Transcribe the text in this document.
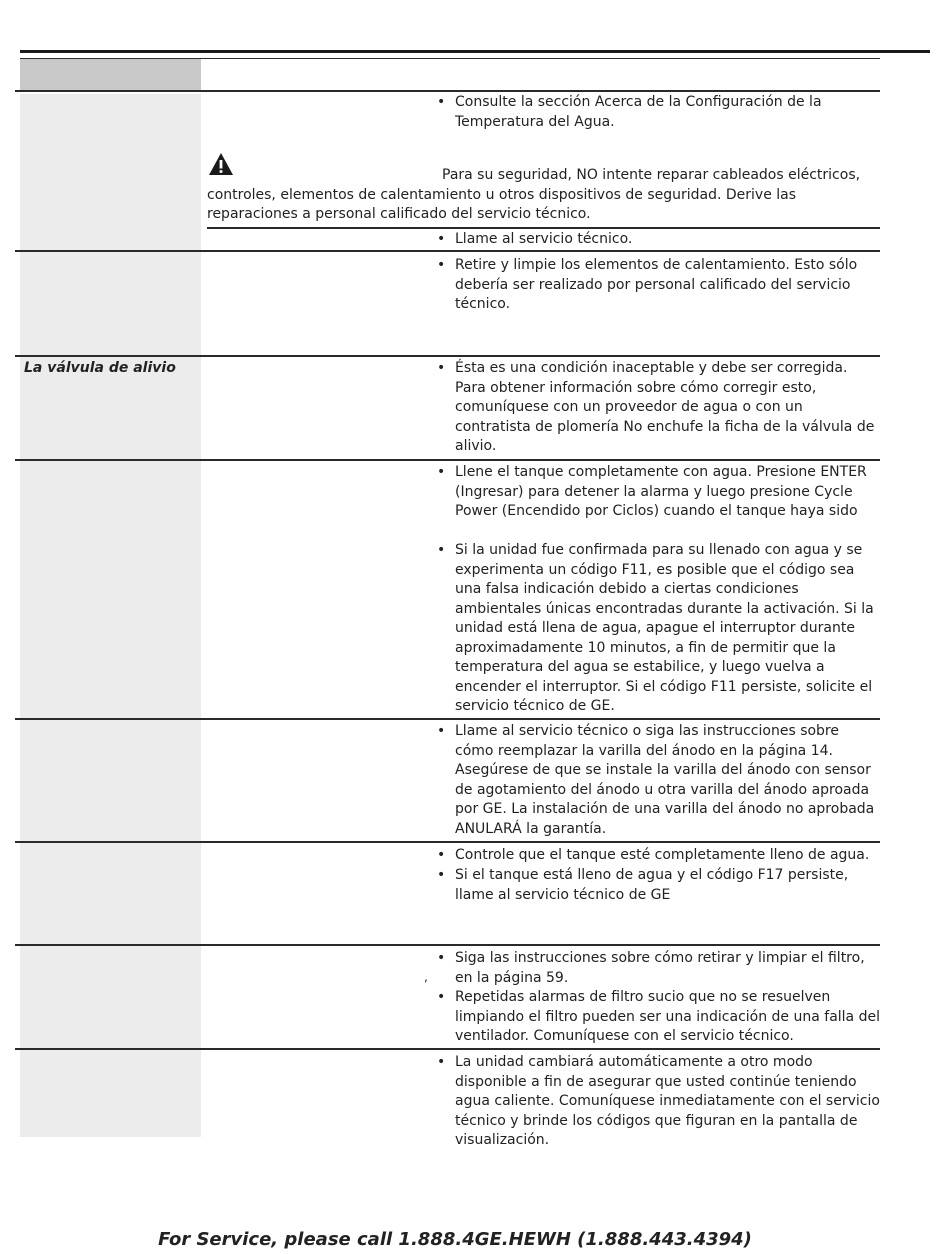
• Consulte la sección Acerca de la Configuración de la Temperatura del Agua.
Para su seguridad, NO intente reparar cableados eléctricos, controles, elementos de calentamiento u otros dispositivos de seguridad. Derive las reparaciones a personal calificado del servicio técnico.
• Llame al servicio técnico.
• Retire y limpie los elementos de calentamiento. Esto sólo debería ser realizado por personal calificado del servicio técnico.
La válvula de alivio	• Ésta es una condición inaceptable y debe ser corregida. Para obtener información sobre cómo corregir esto, comuníquese con un proveedor de agua o con un contratista de plomería No enchufe la ficha de la válvula de alivio.
• Llene el tanque completamente con agua. Presione ENTER (Ingresar) para detener la alarma y luego presione Cycle Power (Encendido por Ciclos) cuando el tanque haya sido
• Si la unidad fue confirmada para su llenado con agua y se experimenta un código F11, es posible que el código sea una falsa indicación debido a ciertas condiciones ambientales únicas encontradas durante la activación. Si la unidad está llena de agua, apague el interruptor durante aproximadamente 10 minutos, a fin de permitir que la temperatura del agua se estabilice, y luego vuelva a encender el interruptor. Si el código F11 persiste, solicite el servicio técnico de GE.
• Llame al servicio técnico o siga las instrucciones sobre cómo reemplazar la varilla del ánodo en la página 14. Asegúrese de que se instale la varilla del ánodo con sensor de agotamiento del ánodo u otra varilla del ánodo aproada por GE. La instalación de una varilla del ánodo no aprobada ANULARÁ la garantía.
• Controle que el tanque esté completamente lleno de agua.
• Si el tanque está lleno de agua y el código F17 persiste, llame al servicio técnico de GE
• Siga las instrucciones sobre cómo retirar y limpiar el filtro, en la página 59.
,
• Repetidas alarmas de filtro sucio que no se resuelven limpiando el filtro pueden ser una indicación de una falla del ventilador. Comuníquese con el servicio técnico.
• La unidad cambiará automáticamente a otro modo disponible a fin de asegurar que usted continúe teniendo agua caliente. Comuníquese inmediatamente con el servicio técnico y brinde los códigos que figuran en la pantalla de visualización.
For Service, please call 1.888.4GE.HEWH (1.888.443.4394)
